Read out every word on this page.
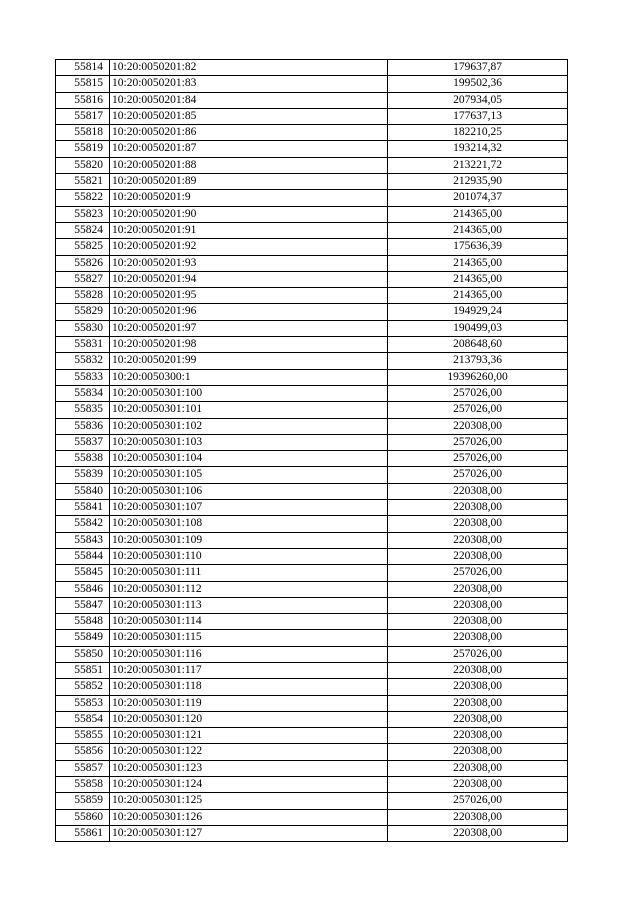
55814	10:20:0050201:82	179637,87
55815	10:20:0050201:83	199502,36
55816	10:20:0050201:84	207934,05
55817	10:20:0050201:85	177637,13
55818	10:20:0050201:86	182210,25
55819	10:20:0050201:87	193214,32
55820	10:20:0050201:88	213221,72
55821	10:20:0050201:89	212935,90
55822	10:20:0050201:9	201074,37
55823	10:20:0050201:90	214365,00
55824	10:20:0050201:91	214365,00
55825	10:20:0050201:92	175636,39
55826	10:20:0050201:93	214365,00
55827	10:20:0050201:94	214365,00
55828	10:20:0050201:95	214365,00
55829	10:20:0050201:96	194929,24
55830	10:20:0050201:97	190499,03
55831	10:20:0050201:98	208648,60
55832	10:20:0050201:99	213793,36
55833	10:20:0050300:1	19396260,00
55834	10:20:0050301:100	257026,00
55835	10:20:0050301:101	257026,00
55836	10:20:0050301:102	220308,00
55837	10:20:0050301:103	257026,00
55838	10:20:0050301:104	257026,00
55839	10:20:0050301:105	257026,00
55840	10:20:0050301:106	220308,00
55841	10:20:0050301:107	220308,00
55842	10:20:0050301:108	220308,00
55843	10:20:0050301:109	220308,00
55844	10:20:0050301:110	220308,00
55845	10:20:0050301:111	257026,00
55846	10:20:0050301:112	220308,00
55847	10:20:0050301:113	220308,00
55848	10:20:0050301:114	220308,00
55849	10:20:0050301:115	220308,00
55850	10:20:0050301:116	257026,00
55851	10:20:0050301:117	220308,00
55852	10:20:0050301:118	220308,00
55853	10:20:0050301:119	220308,00
55854	10:20:0050301:120	220308,00
55855	10:20:0050301:121	220308,00
55856	10:20:0050301:122	220308,00
55857	10:20:0050301:123	220308,00
55858	10:20:0050301:124	220308,00
55859	10:20:0050301:125	257026,00
55860	10:20:0050301:126	220308,00
55861	10:20:0050301:127	220308,00
